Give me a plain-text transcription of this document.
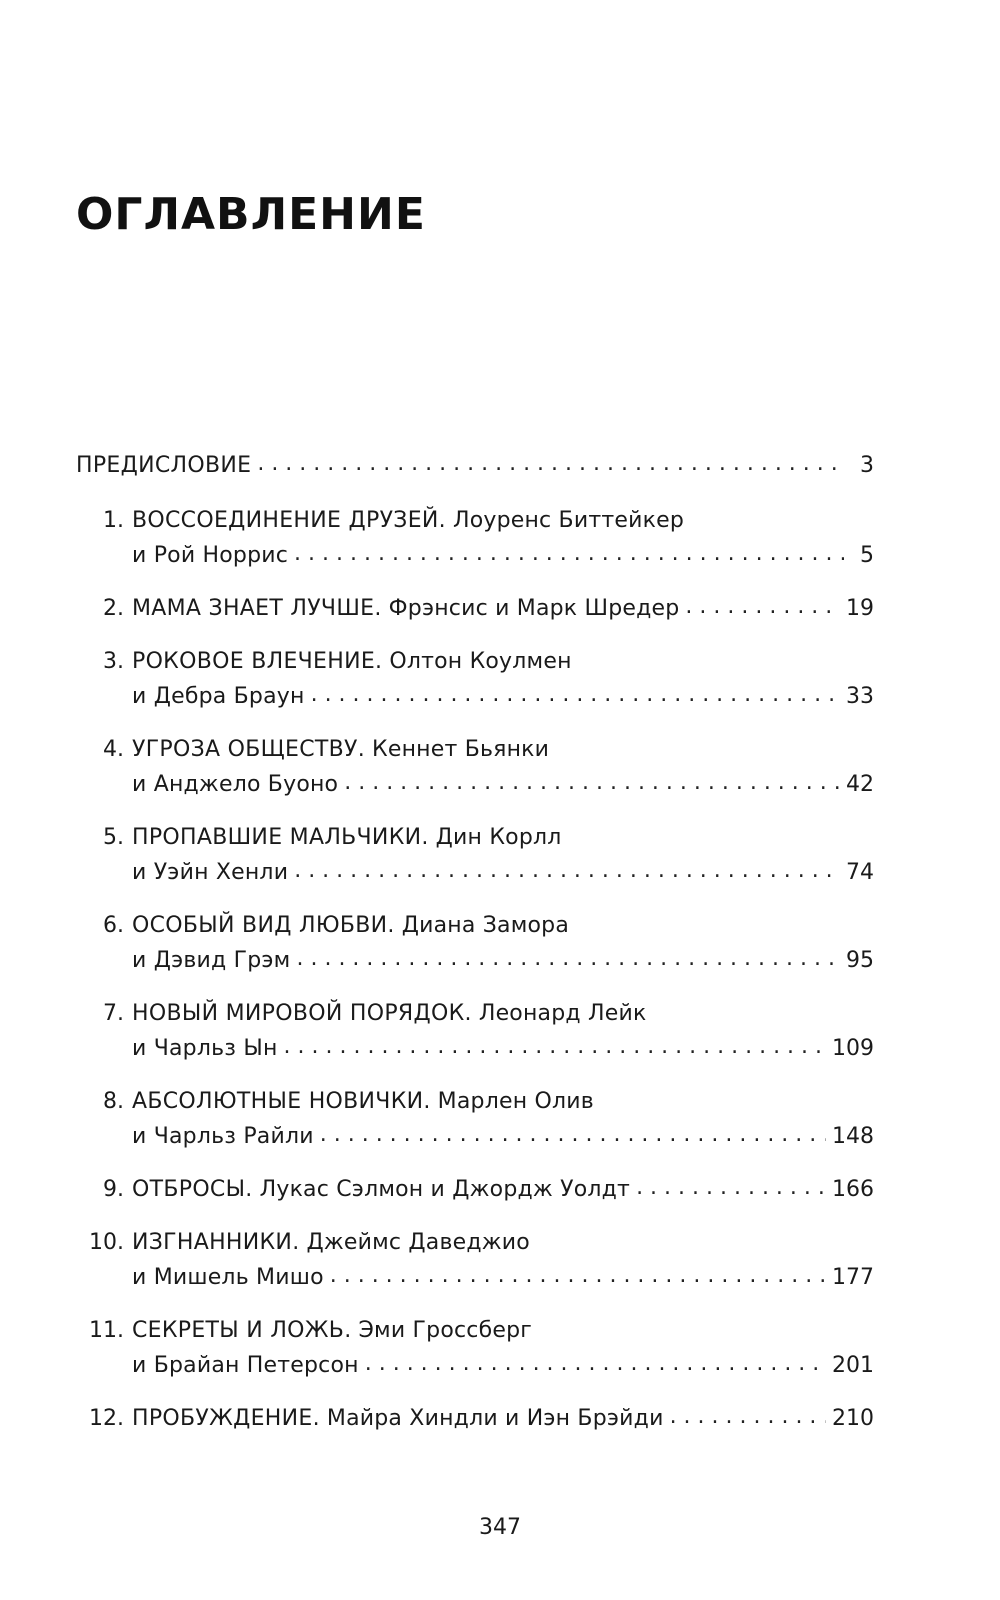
ОГЛАВЛЕНИЕ
ПРЕДИСЛОВИЕ . . .	3
1. ВОССОЕДИНЕНИЕ ДРУЗЕЙ.
Лоуренс Биттейкер
и Рой Норрис . . .	5
2. МАМА ЗНАЕТ ЛУЧШЕ.
Фрэнсис и Марк Шредер . . .	19
3. РОКОВОЕ ВЛЕЧЕНИЕ.
Олтон Коулмен
и Дебра Браун . . .	33
4. УГРОЗА ОБЩЕСТВУ.
Кеннет Бьянки
и Анджело Буоно . . .	42
5. ПРОПАВШИЕ МАЛЬЧИКИ.
Дин Корлл
и Уэйн Хенли . . .	74
6. ОСОБЫЙ ВИД ЛЮБВИ.
Диана Замора
и Дэвид Грэм . . .	95
7. НОВЫЙ МИРОВОЙ ПОРЯДОК.
Леонард Лейк
и Чарльз Ын . . .	109
8. АБСОЛЮТНЫЕ НОВИЧКИ.
Марлен Олив
и Чарльз Райли . . .	148
9. ОТБРОСЫ.
Лукас Сэлмон и Джордж Уолдт . . .	166
10. ИЗГНАННИКИ.
Джеймс Даведжио
и Мишель Мишо . . .	177
11. СЕКРЕТЫ И ЛОЖЬ.
Эми Гроссберг
и Брайан Петерсон . . .	201
12. ПРОБУЖДЕНИЕ.
Майра Хиндли и Иэн Брэйди . . .	210
347
